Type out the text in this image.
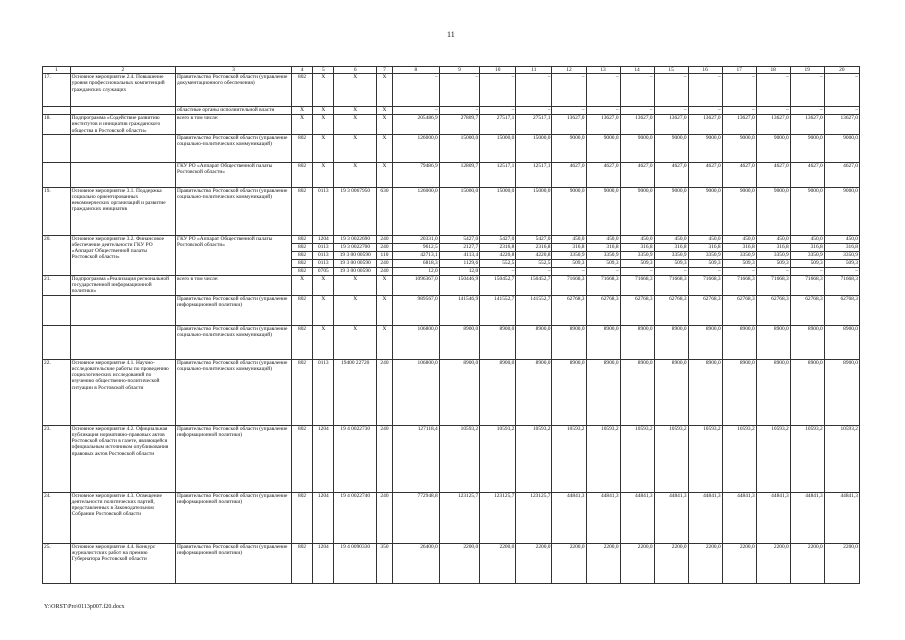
11
1	2	3	4	5	6	7	8	9	10	11	12	13	14	15	16	17	18	19	20
17.	Основное мероприятие 2.4. Повышение уровня профессиональных компетенций гражданских служащих	Правительство Ростовской области (управление документационного обеспечения)	802	Х	Х	Х	–	–	–	–	–	–	–	–	–	–	–	–	–
		областные органы исполнительной власти	Х	Х	Х	Х	–	–	–	–	–	–	–	–	–	–	–	–	–
18.	Подпрограмма «Содействие развитию институтов и инициатив гражданского общества в Ростовской области»	всего в том числе:	Х	Х	Х	Х	205486,9	27809,7	27517,1	27517,1	13627,0	13627,0	13627,0	13627,0	13627,0	13627,0	13627,0	13627,0	13627,0
		Правительство Ростовской области (управление социально-политических коммуникаций)	802	Х	Х	Х	126000,0	15000,0	15000,0	15000,0	9000,0	9000,0	9000,0	9000,0	9000,0	9000,0	9000,0	9000,0	9000,0
		ГКУ РО «Аппарат Общественной палаты Ростовской области»	802	Х	Х	Х	79486,9	12809,7	12517,1	12517,1	4627,0	4627,0	4627,0	4627,0	4627,0	4627,0	4627,0	4627,0	4627,0
19.	Основное мероприятие 3.1. Поддержка социально ориентированных некоммерческих организаций и развитие гражданских инициатив	Правительство Ростовской области (управление социально-политических коммуникаций)	802	0113	19 3 0067950	630	126000,0	15000,0	15000,0	15000,0	9000,0	9000,0	9000,0	9000,0	9000,0	9000,0	9000,0	9000,0	9000,0
20.	Основное мероприятие 3.2. Финансовое обеспечение деятельности ГКУ РО «Аппарат Общественной палаты Ростовской области»	ГКУ РО «Аппарат Общественной палаты Ростовской области»	802	1204	19 3 0022690	240	20331,0	5427,0	5427,0	5427,0	450,0	450,0	450,0	450,0	450,0	450,0	450,0	450,0	450,0
			802	0113	19 3 0022700	240	9612,5	2127,7	2316,8	2316,8	316,8	316,8	316,8	316,8	316,8	316,8	316,8	316,8	316,8
			802	0113	19 3 00 00590	110	42713,1	4113,4	4220,8	4220,8	3350,9	3350,9	3350,9	3350,9	3350,9	3350,9	3350,9	3350,9	3350,9
			802	0113	19 3 00 00590	240	6818,3	1129,6	552,5	552,5	509,3	509,3	509,3	509,3	509,3	509,3	509,3	509,3	509,3
			802	0705	19 3 00 00590	240	12,0	12,0	–	–	–	–	–	–	–	–	–	–	–
21.	Подпрограмма «Реализация региональной государственной информационной политики»	всего в том числе:	Х	Х	Х	Х	1096367,0	150446,9	150452,7	150452,7	71668,3	71668,3	71668,3	71668,3	71668,3	71668,3	71668,3	71668,3	71668,3
		Правительство Ростовской области (управление информационной политики)	802	Х	Х	Х	989567,0	141546,9	141552,7	141552,7	62768,3	62768,3	62768,3	62768,3	62768,3	62768,3	62768,3	62768,3	62768,3
		Правительство Ростовской области (управление социально-политических коммуникаций)	802	Х	Х	Х	106800,0	8900,0	8900,0	8900,0	8900,0	8900,0	8900,0	8900,0	8900,0	8900,0	8900,0	8900,0	8900,0
22.	Основное мероприятие 4.1. Научно-исследовательские работы по проведению социологических исследований по изучению общественно-политической ситуации в Ростовской области	Правительство Ростовской области (управление социально-политических коммуникаций)	802	0113	19400 22720	240	106800,0	8900,0	8900,0	8900,0	8900,0	8900,0	8900,0	8900,0	8900,0	8900,0	8900,0	8900,0	8900,0
23.	Основное мероприятие 4.2. Официальная публикация нормативно-правовых актов Ростовской области в газете, являющейся официальным источником опубликования правовых актов Ростовской области	Правительство Ростовской области (управление информационной политики)	802	1204	19 4 0022730	240	127118,4	10593,2	10593,2	10593,2	10593,2	10593,2	10593,2	10593,2	10593,2	10593,2	10593,2	10593,2	10593,2
24.	Основное мероприятие 4.3. Освещение деятельности политических партий, представленных в Законодательном Собрании Ростовской области	Правительство Ростовской области (управление информационной политики)	802	1204	19 4 0022740	240	772948,8	123125,7	123125,7	123125,7	44841,3	44841,3	44841,3	44841,3	44841,3	44841,3	44841,3	44841,3	44841,3
25.	Основное мероприятие 4.4. Конкурс журналистских работ на премию Губернатора Ростовской области	Правительство Ростовской области (управление информационной политики)	802	1204	19 4 0090330	350	26400,0	2200,0	2200,0	2200,0	2200,0	2200,0	2200,0	2200,0	2200,0	2200,0	2200,0	2200,0	2200,0
Y:\ORST\Pro\0113p007.f20.docx
